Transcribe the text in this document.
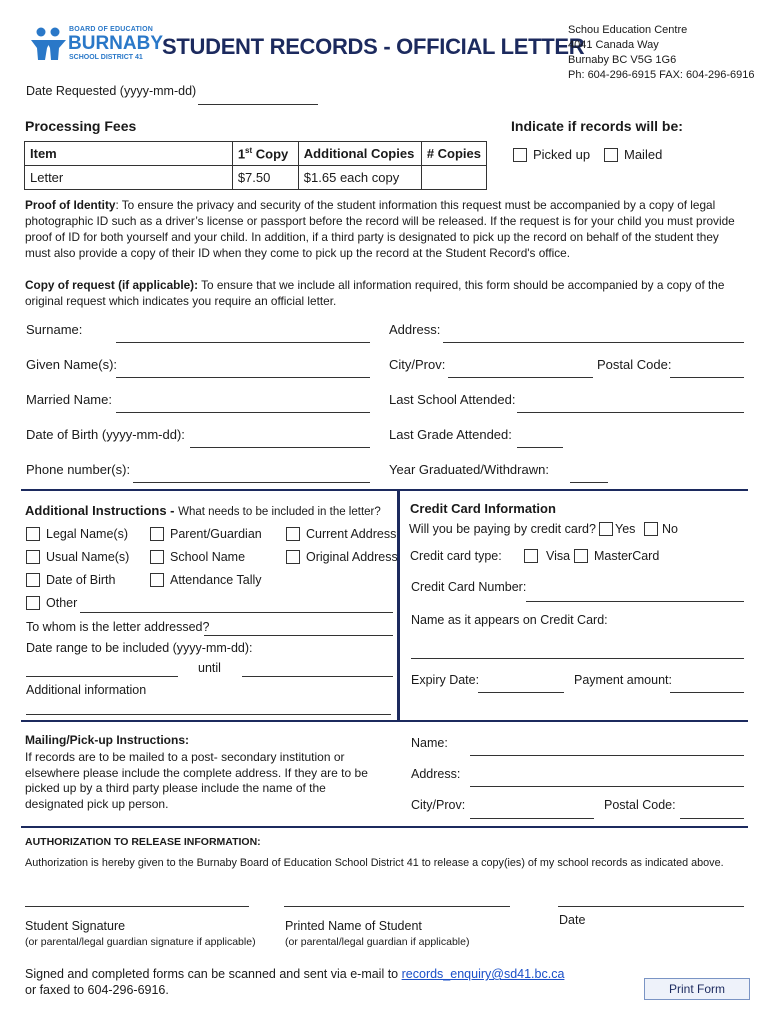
BOARD OF EDUCATION
BURNABY
SCHOOL DISTRICT 41 STUDENT RECORDS - OFFICIAL LETTER
Schou Education Centre
4041 Canada Way
Burnaby BC V5G 1G6
Ph: 604-296-6915 FAX: 604-296-6916
Date Requested (yyyy-mm-dd)
Processing Fees
Item	1st Copy	Additional Copies	# Copies
Letter	$7.50	$1.65 each copy	
Indicate if records will be:
Picked up	Mailed
Proof of Identity: To ensure the privacy and security of the student information this request must be accompanied by a copy of legal photographic ID such as a driver’s license or passport before the record will be released. If the request is for your child you must provide proof of ID for both yourself and your child. In addition, if a third party is designated to pick up the record on behalf of the student they must also provide a copy of their ID when they come to pick up the record at the Student Record's office.
Copy of request (if applicable): To ensure that we include all information required, this form should be accompanied by a copy of the original request which indicates you require an official letter.
Surname:
Given Name(s):
Married Name:
Date of Birth (yyyy-mm-dd):
Phone number(s):
Address:
City/Prov:	Postal Code:
Last School Attended:
Last Grade Attended:
Year Graduated/Withdrawn:
Additional Instructions - What needs to be included in the letter?
Legal Name(s)	Parent/Guardian	Current Address
Usual Name(s)	School Name	Original Address
Date of Birth	Attendance Tally
Other
To whom is the letter addressed?
Date range to be included (yyyy-mm-dd):
until
Additional information
Credit Card Information
Will you be paying by credit card? Yes No
Credit card type:	Visa MasterCard
Credit Card Number:
Name as it appears on Credit Card:
Expiry Date:	Payment amount:
Mailing/Pick-up Instructions:
If records are to be mailed to a post- secondary institution or elsewhere please include the complete address. If they are to be picked up by a third party please include the name of the designated pick up person.
Name:
Address:
City/Prov:	Postal Code:
AUTHORIZATION TO RELEASE INFORMATION:
Authorization is hereby given to the Burnaby Board of Education School District 41 to release a copy(ies) of my school records as indicated above.
Student Signature
(or parental/legal guardian signature if applicable)
Printed Name of Student
(or parental/legal guardian if applicable)
Date
Signed and completed forms can be scanned and sent via e-mail to records_enquiry@sd41.bc.ca
or faxed to 604-296-6916.	Print Form
